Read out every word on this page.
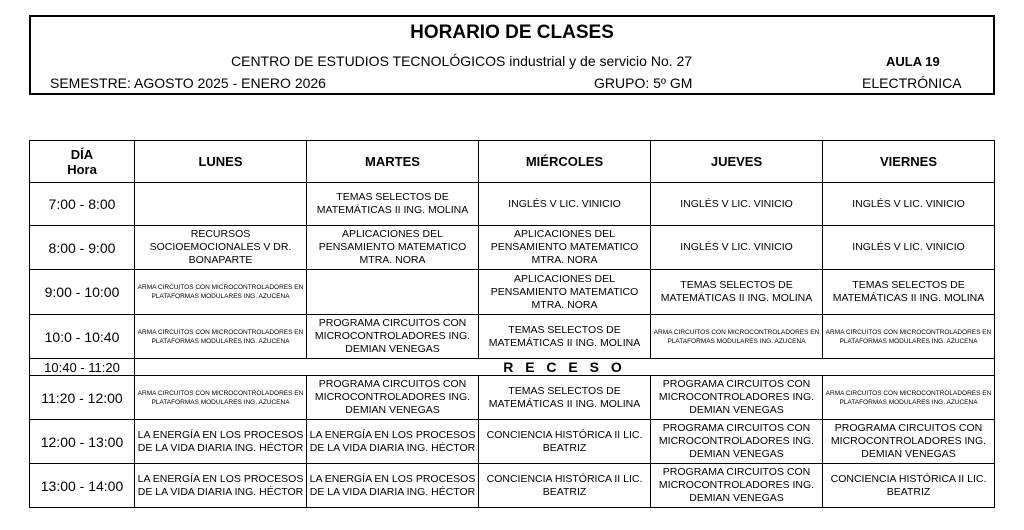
HORARIO DE CLASES
CENTRO DE ESTUDIOS TECNOLÓGICOS industrial y de servicio No. 27	AULA 19
SEMESTRE: AGOSTO 2025 - ENERO 2026	GRUPO: 5º GM	ELECTRÓNICA
DÍA
Hora	LUNES	MARTES	MIÉRCOLES	JUEVES	VIERNES
7:00 - 8:00		TEMAS SELECTOS DE MATEMÁTICAS II ING. MOLINA	INGLÉS V LIC. VINICIO	INGLÉS V LIC. VINICIO	INGLÉS V LIC. VINICIO
8:00 - 9:00	RECURSOS SOCIOEMOCIONALES V DR. BONAPARTE	APLICACIONES DEL PENSAMIENTO MATEMATICO MTRA. NORA	APLICACIONES DEL PENSAMIENTO MATEMATICO MTRA. NORA	INGLÉS V LIC. VINICIO	INGLÉS V LIC. VINICIO
9:00 - 10:00	ARMA CIRCUITOS CON MICROCONTROLADORES EN PLATAFORMAS MODULARES ING. AZUCENA		APLICACIONES DEL PENSAMIENTO MATEMATICO MTRA. NORA	TEMAS SELECTOS DE MATEMÁTICAS II ING. MOLINA	TEMAS SELECTOS DE MATEMÁTICAS II ING. MOLINA
10:0 - 10:40	ARMA CIRCUITOS CON MICROCONTROLADORES EN PLATAFORMAS MODULARES ING. AZUCENA	PROGRAMA CIRCUITOS CON MICROCONTROLADORES ING. DEMIAN VENEGAS	TEMAS SELECTOS DE MATEMÁTICAS II ING. MOLINA	ARMA CIRCUITOS CON MICROCONTROLADORES EN PLATAFORMAS MODULARES ING. AZUCENA	ARMA CIRCUITOS CON MICROCONTROLADORES EN PLATAFORMAS MODULARES ING. AZUCENA
10:40 - 11:20	R E C E S O				
11:20 - 12:00	ARMA CIRCUITOS CON MICROCONTROLADORES EN PLATAFORMAS MODULARES ING. AZUCENA	PROGRAMA CIRCUITOS CON MICROCONTROLADORES ING. DEMIAN VENEGAS	TEMAS SELECTOS DE MATEMÁTICAS II ING. MOLINA	PROGRAMA CIRCUITOS CON MICROCONTROLADORES ING. DEMIAN VENEGAS	ARMA CIRCUITOS CON MICROCONTROLADORES EN PLATAFORMAS MODULARES ING. AZUCENA
12:00 - 13:00	LA ENERGÍA EN LOS PROCESOS DE LA VIDA DIARIA ING. HÉCTOR	LA ENERGÍA EN LOS PROCESOS DE LA VIDA DIARIA ING. HÉCTOR	CONCIENCIA HISTÓRICA II LIC. BEATRIZ	PROGRAMA CIRCUITOS CON MICROCONTROLADORES ING. DEMIAN VENEGAS	PROGRAMA CIRCUITOS CON MICROCONTROLADORES ING. DEMIAN VENEGAS
13:00 - 14:00	LA ENERGÍA EN LOS PROCESOS DE LA VIDA DIARIA ING. HÉCTOR	LA ENERGÍA EN LOS PROCESOS DE LA VIDA DIARIA ING. HÉCTOR	CONCIENCIA HISTÓRICA II LIC. BEATRIZ	PROGRAMA CIRCUITOS CON MICROCONTROLADORES ING. DEMIAN VENEGAS	CONCIENCIA HISTÓRICA II LIC. BEATRIZ
